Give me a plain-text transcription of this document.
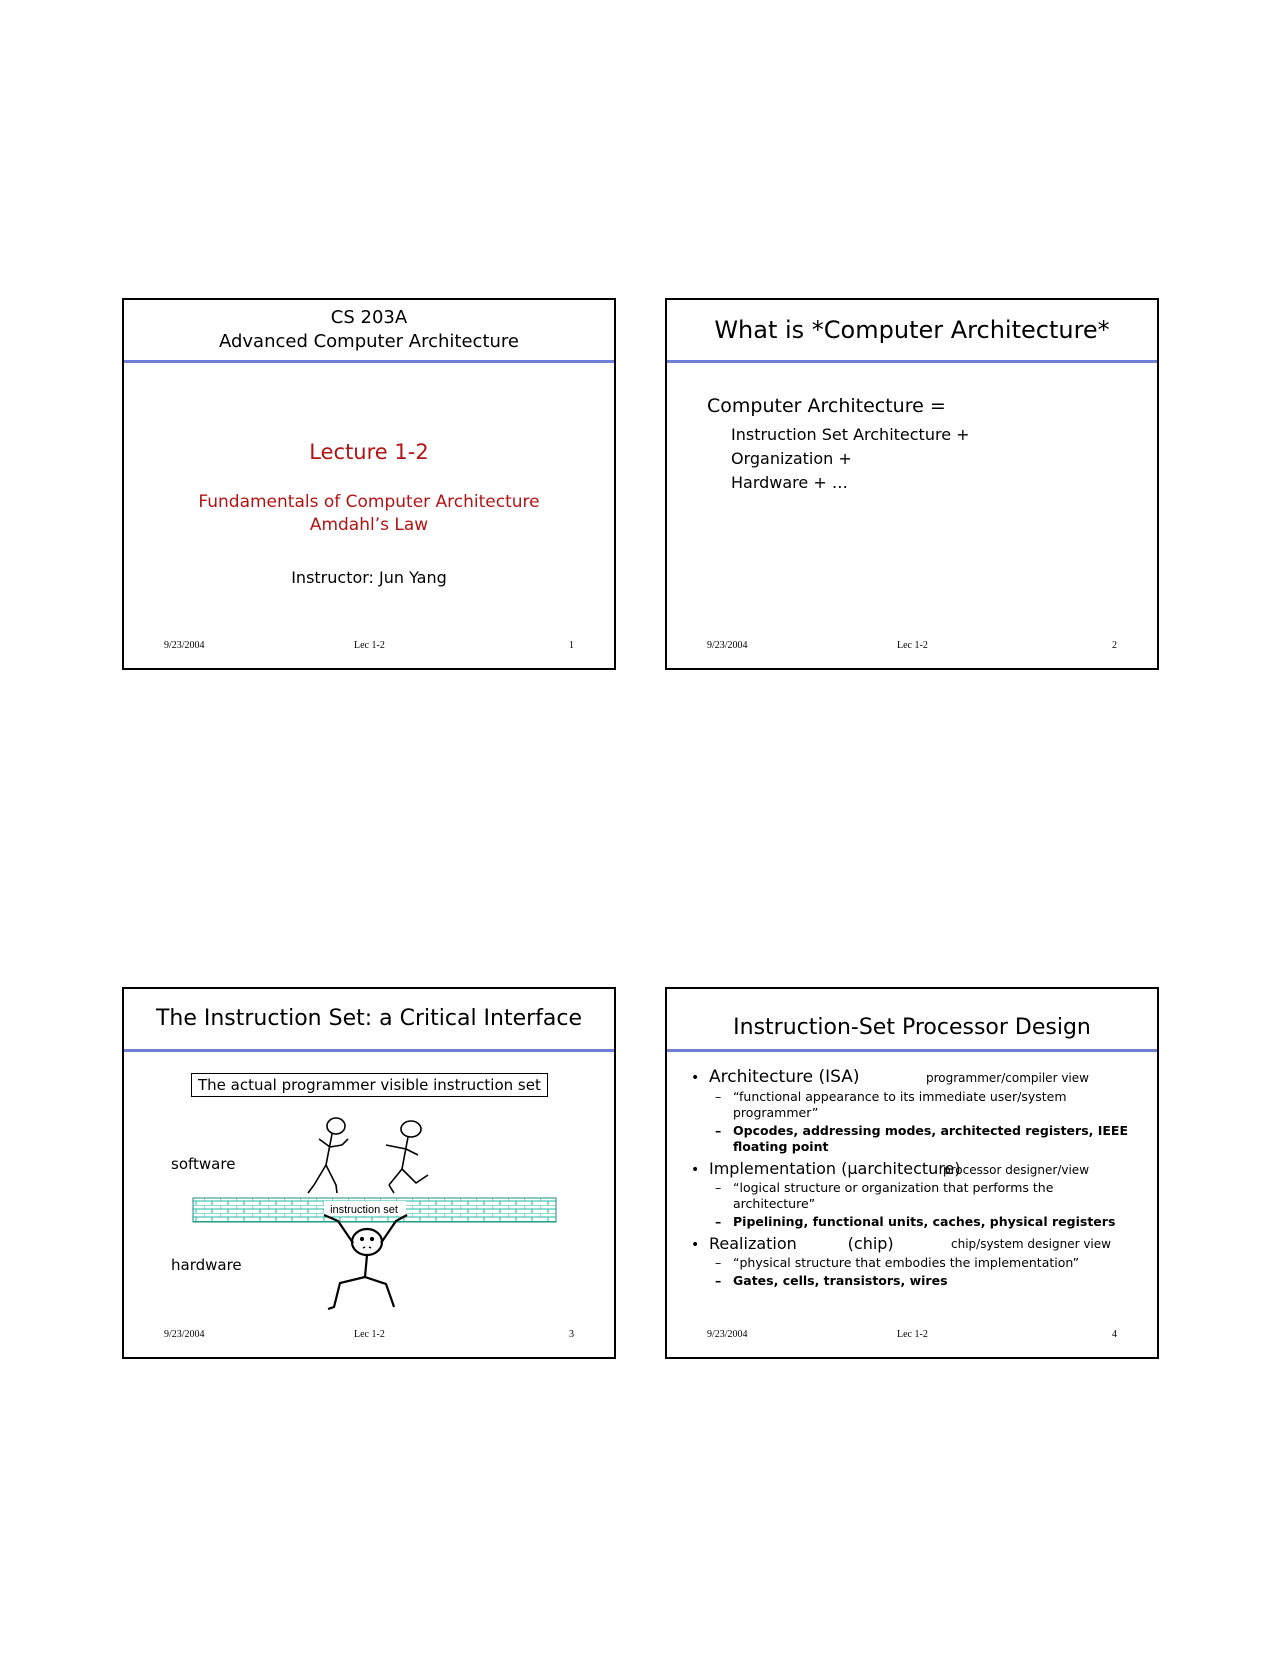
CS 203A
Advanced Computer Architecture
Lecture 1-2
Fundamentals of Computer Architecture
Amdahl’s Law
Instructor: Jun Yang
9/23/2004	Lec 1-2	1
What is *Computer Architecture*
Computer Architecture =
Instruction Set Architecture +
Organization +
Hardware + …
9/23/2004	Lec 1-2	2
The Instruction Set: a Critical Interface
The actual programmer visible instruction set
software
hardware
instruction set
9/23/2004	Lec 1-2	3
Instruction-Set Processor Design
• Architecture (ISA)	programmer/compiler view
– “functional appearance to its immediate user/system programmer”
– Opcodes, addressing modes, architected registers, IEEE floating point
• Implementation (µarchitecture)
processor designer/view
– “logical structure or organization that performs the architecture”
– Pipelining, functional units, caches, physical registers
• Realization          (chip)	chip/system designer view
– “physical structure that embodies the implementation”
– Gates, cells, transistors, wires
9/23/2004	Lec 1-2	4
